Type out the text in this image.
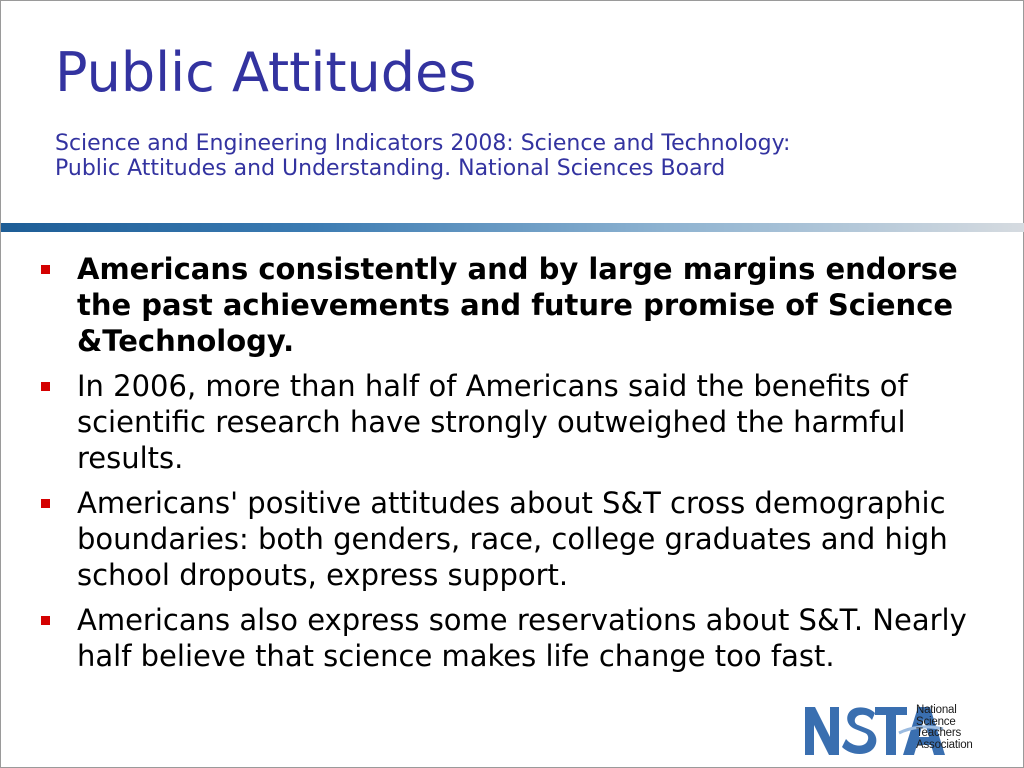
Public Attitudes
Science and Engineering Indicators 2008: Science and Technology:
Public Attitudes and Understanding. National Sciences Board
Americans consistently and by large margins endorse the past achievements and future promise of Science &Technology.
In 2006, more than half of Americans said the benefits of scientific research have strongly outweighed the harmful results.
Americans' positive attitudes about S&T cross demographic boundaries: both genders, race, college graduates and high school dropouts, express support.
Americans also express some reservations about S&T. Nearly half believe that science makes life change too fast.
National
Science
Teachers
Association
